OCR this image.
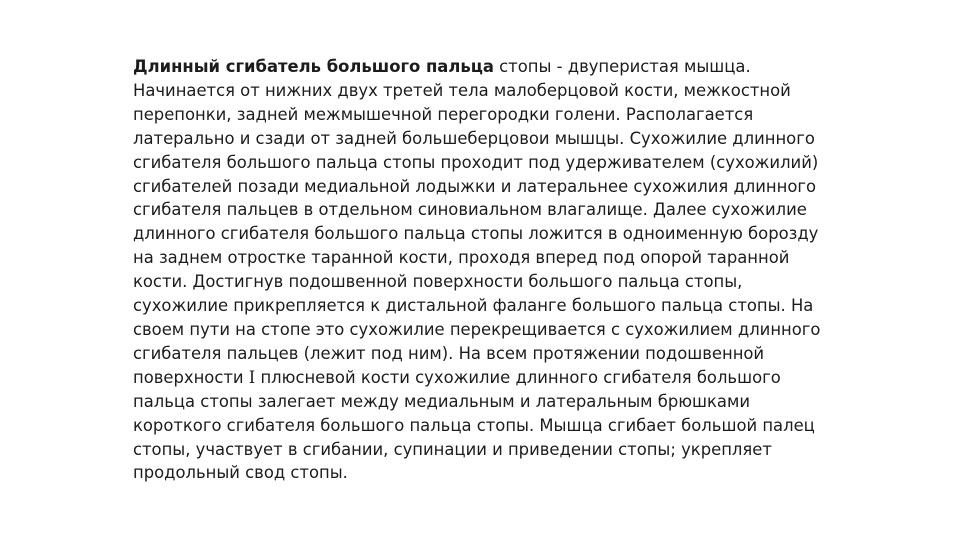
Длинный сгибатель большого пальца стопы - двуперистая мышца.
Начинается от нижних двух третей тела малоберцовой кости, межкостной
перепонки, задней межмышечной перегородки голени. Располагается
латерально и сзади от задней большеберцовои мышцы. Сухожилие длинного
сгибателя большого пальца стопы проходит под удерживателем (сухожилий)
сгибателей позади медиальной лодыжки и латеральнее сухожилия длинного
сгибателя пальцев в отдельном синовиальном влагалище. Далее сухожилие
длинного сгибателя большого пальца стопы ложится в одноименную борозду
на заднем отростке таранной кости, проходя вперед под опорой таранной
кости. Достигнув подошвенной поверхности большого пальца стопы,
сухожилие прикрепляется к дистальной фаланге большого пальца стопы. На
своем пути на стопе это сухожилие перекрещивается с сухожилием длинного
сгибателя пальцев (лежит под ним). На всем протяжении подошвенной
поверхности I плюсневой кости сухожилие длинного сгибателя большого
пальца стопы залегает между медиальным и латеральным брюшками
короткого сгибателя большого пальца стопы. Мышца сгибает большой палец
стопы, участвует в сгибании, супинации и приведении стопы; укрепляет
продольный свод стопы.
